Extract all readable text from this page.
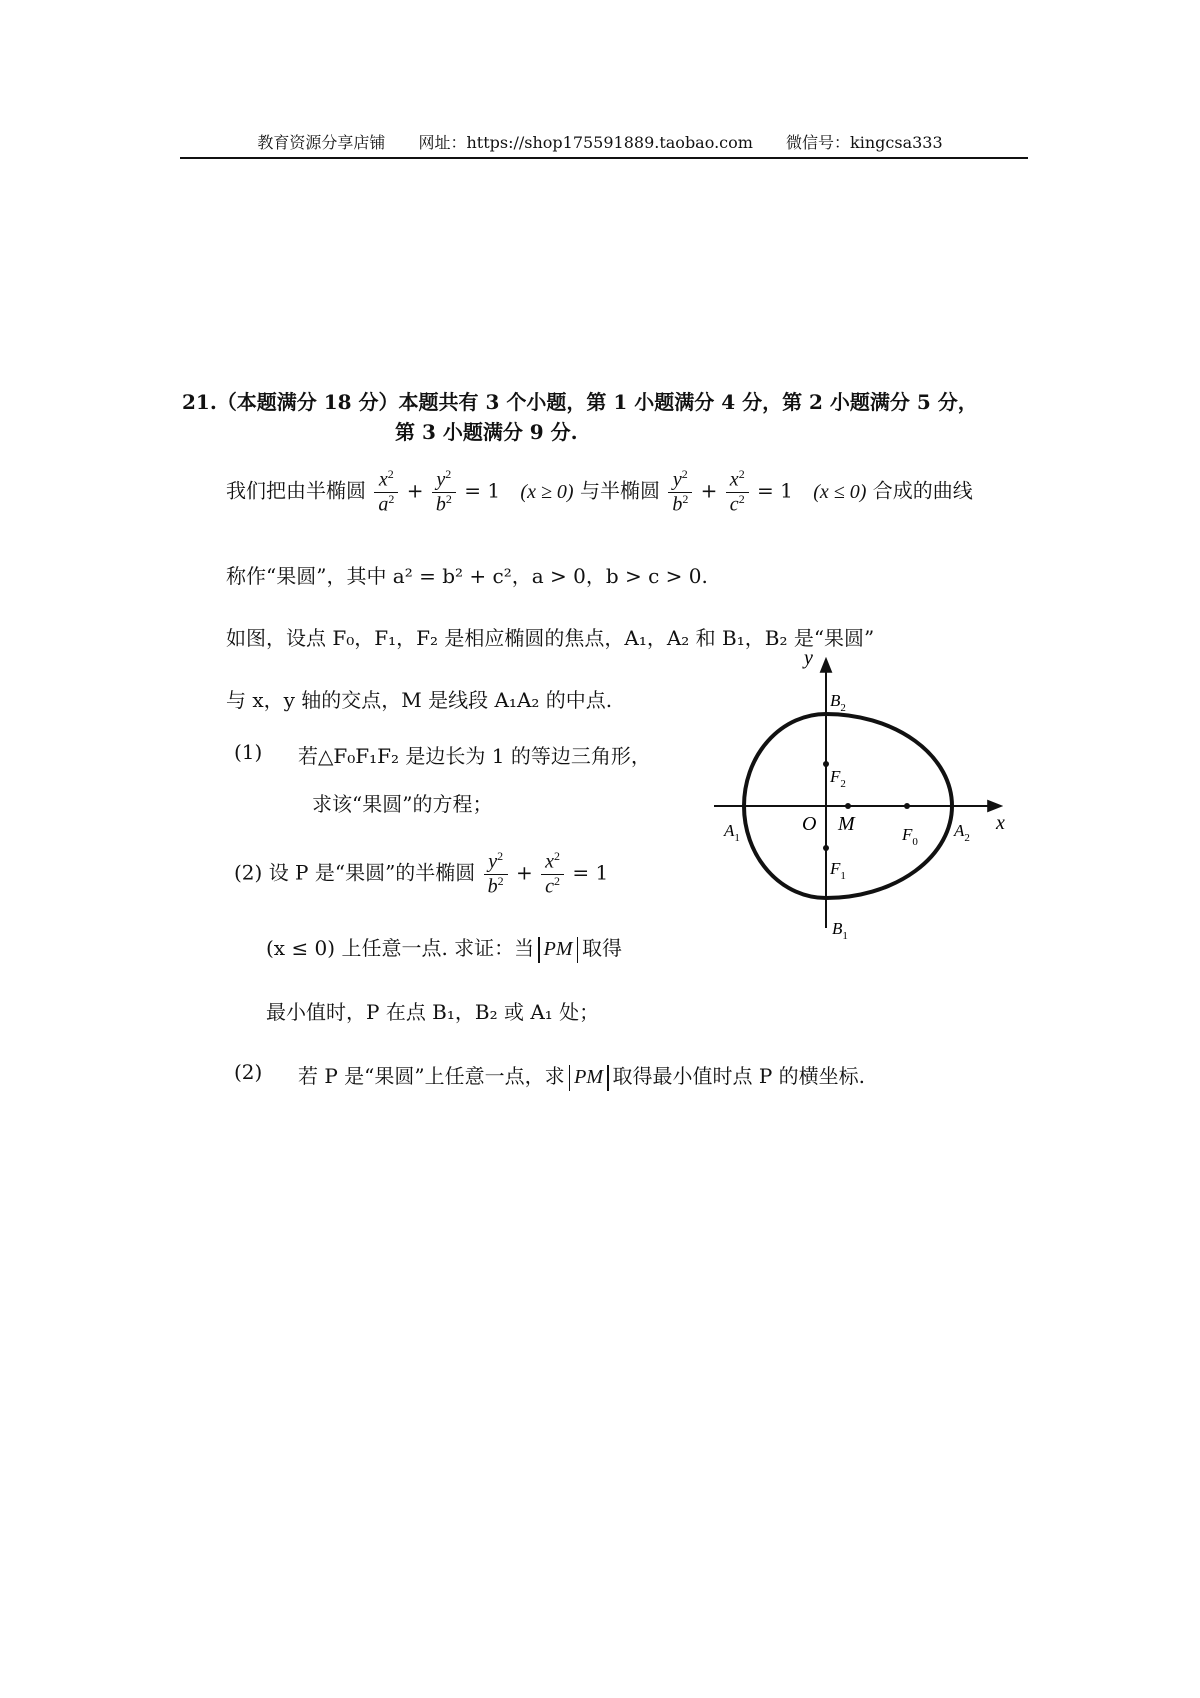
教育资源分享店铺 网址：https://shop175591889.taobao.com 微信号：kingcsa333
21.（本题满分 18 分）本题共有 3 个小题，第 1 小题满分 4 分，第 2 小题满分 5 分，
第 3 小题满分 9 分.
我们把由半椭圆 $\frac{x^2}{a^2} + \frac{y^2}{b^2} = 1$ (x ≥ 0) 与半椭圆 $\frac{y^2}{b^2} + \frac{x^2}{c^2} = 1$ (x ≤ 0) 合成的曲线
称作“果圆”，其中 a² = b² + c²，a > 0，b > c > 0.
如图，设点 F₀，F₁，F₂ 是相应椭圆的焦点，A₁，A₂ 和 B₁，B₂ 是“果圆”
与 x，y 轴的交点，M 是线段 A₁A₂ 的中点.
(1) 若△F₀F₁F₂ 是边长为 1 的等边三角形，
求该“果圆”的方程；
(2) 设 P 是“果圆”的半椭圆 $\frac{y^2}{b^2} + \frac{x^2}{c^2} = 1$
(x ≤ 0) 上任意一点. 求证：当 PM 取得
最小值时，P 在点 B₁，B₂ 或 A₁ 处；
(2) 若 P 是“果圆”上任意一点，求 PM 取得最小值时点 P 的横坐标.
y
x
O M
$B_2$
$F_2$
$F_1$
$B_1$
$A_1$	$F_0$
$A_2$
